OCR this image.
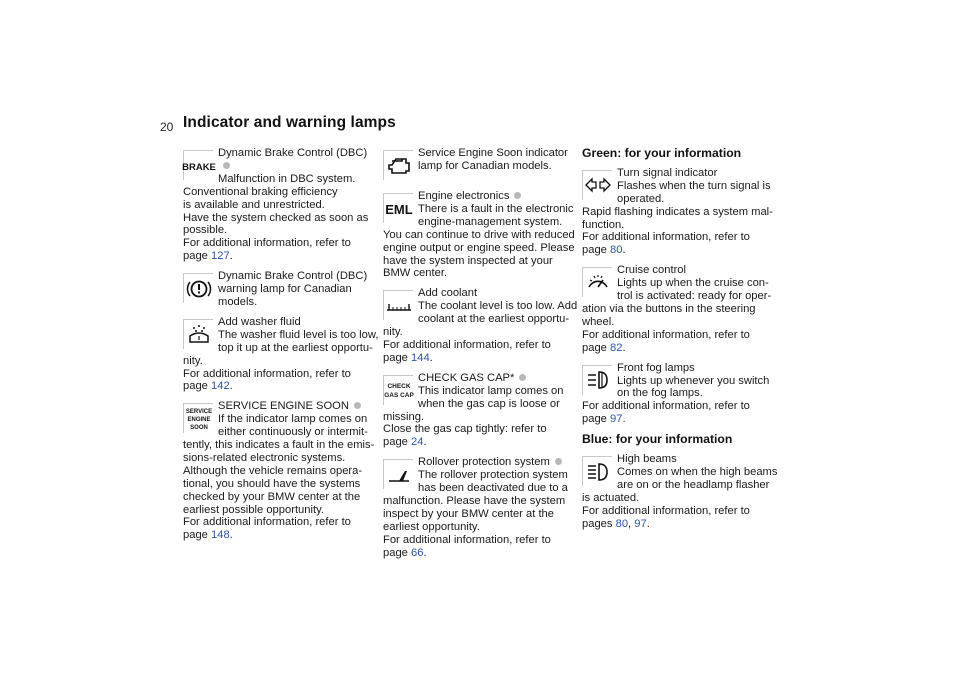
20 Indicator and warning lamps
BRAKE
Dynamic Brake Control (DBC)
Malfunction in DBC system.
Conventional braking efficiency
is available and unrestricted.
Have the system checked as soon as
possible.
For additional information, refer to
page 127.
Dynamic Brake Control (DBC)
warning lamp for Canadian
models.
Add washer fluid
The washer fluid level is too low,
top it up at the earliest opportu-
nity.
For additional information, refer to
page 142.
SERVICE
ENGINE
SOON
SERVICE ENGINE SOON
If the indicator lamp comes on
either continuously or intermit-
tently, this indicates a fault in the emis-
sions-related electronic systems.
Although the vehicle remains opera-
tional, you should have the systems
checked by your BMW center at the
earliest possible opportunity.
For additional information, refer to
page 148.
Service Engine Soon indicator
lamp for Canadian models.
EML
Engine electronics
There is a fault in the electronic
engine-management system.
You can continue to drive with reduced
engine output or engine speed. Please
have the system inspected at your
BMW center.
Add coolant
The coolant level is too low. Add
coolant at the earliest opportu-
nity.
For additional information, refer to
page 144.
CHECK
GAS CAP
CHECK GAS CAP*
This indicator lamp comes on
when the gas cap is loose or
missing.
Close the gas cap tightly: refer to
page 24.
Rollover protection system
The rollover protection system
has been deactivated due to a
malfunction. Please have the system
inspect by your BMW center at the
earliest opportunity.
For additional information, refer to
page 66.
Green: for your information
Turn signal indicator
Flashes when the turn signal is
operated.
Rapid flashing indicates a system mal-
function.
For additional information, refer to
page 80.
Cruise control
Lights up when the cruise con-
trol is activated: ready for oper-
ation via the buttons in the steering
wheel.
For additional information, refer to
page 82.
Front fog lamps
Lights up whenever you switch
on the fog lamps.
For additional information, refer to
page 97.
Blue: for your information
High beams
Comes on when the high beams
are on or the headlamp flasher
is actuated.
For additional information, refer to
pages 80, 97.
